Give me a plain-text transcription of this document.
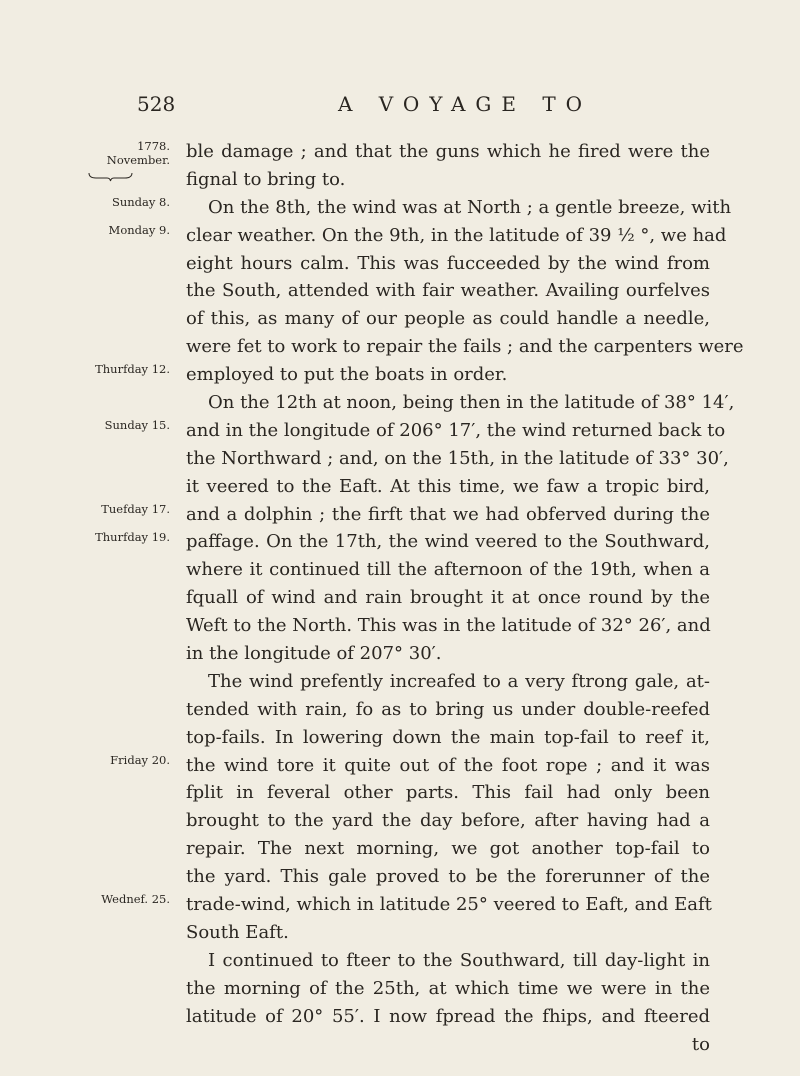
528	A VOYAGE TO
1778.
November.
Sunday 8.
Monday 9.
Thurfday 12.
Sunday 15.
Tuefday 17.
Thurfday 19.
Friday 20.
Wednef. 25.
ble damage ; and that the guns which he fired were the
fignal to bring to.
On the 8th, the wind was at North ; a gentle breeze, with
clear weather. On the 9th, in the latitude of 39 ½ °, we had
eight hours calm. This was fucceeded by the wind from
the South, attended with fair weather. Availing ourfelves
of this, as many of our people as could handle a needle,
were fet to work to repair the fails ; and the carpenters were
employed to put the boats in order.
On the 12th at noon, being then in the latitude of 38° 14′,
and in the longitude of 206° 17′, the wind returned back to
the Northward ; and, on the 15th, in the latitude of 33° 30′,
it veered to the Eaft. At this time, we faw a tropic bird,
and a dolphin ; the firft that we had obferved during the
paffage. On the 17th, the wind veered to the Southward,
where it continued till the afternoon of the 19th, when a
fquall of wind and rain brought it at once round by the
Weft to the North. This was in the latitude of 32° 26′, and
in the longitude of 207° 30′.
The wind prefently increafed to a very ftrong gale, at-
tended with rain, fo as to bring us under double-reefed
top-fails. In lowering down the main top-fail to reef it,
the wind tore it quite out of the foot rope ; and it was
fplit in feveral other parts. This fail had only been
brought to the yard the day before, after having had a
repair. The next morning, we got another top-fail to
the yard. This gale proved to be the forerunner of the
trade-wind, which in latitude 25° veered to Eaft, and Eaft
South Eaft.
I continued to fteer to the Southward, till day-light in
the morning of the 25th, at which time we were in the
latitude of 20° 55′. I now fpread the fhips, and fteered
to
